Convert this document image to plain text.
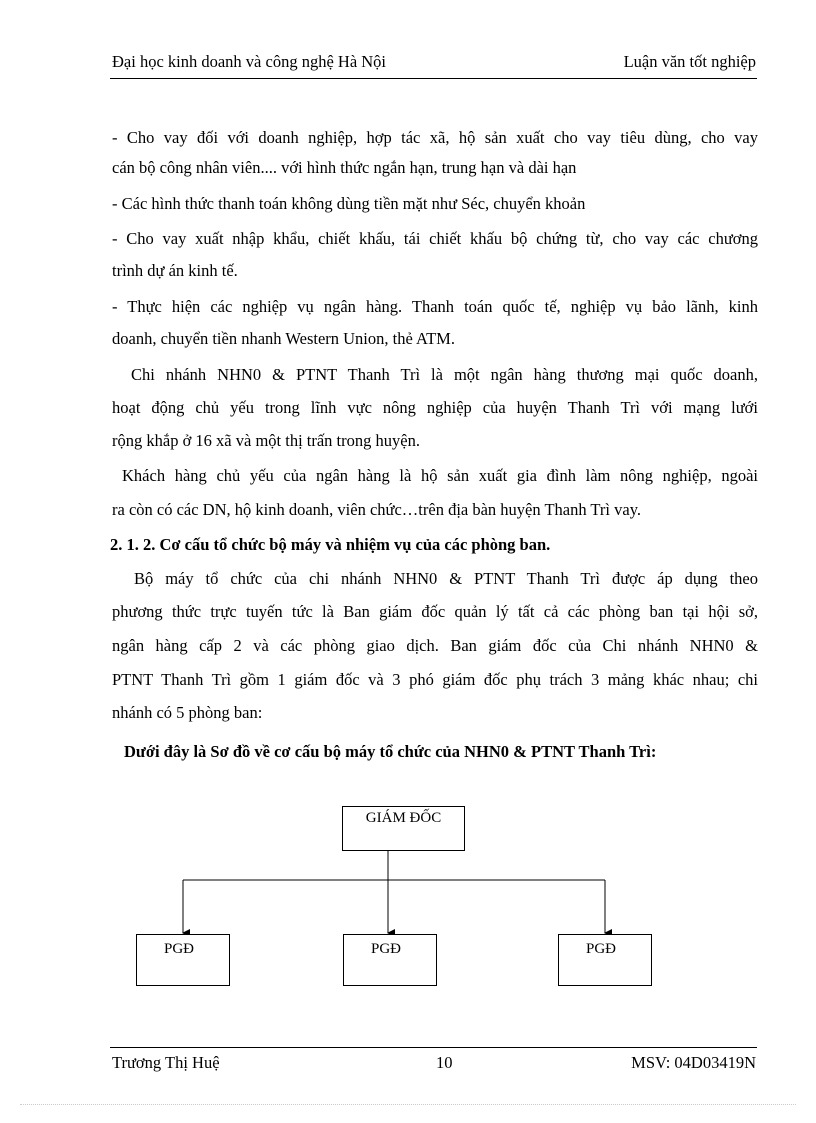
Đại học kinh doanh và công nghệ Hà Nội	Luận văn tốt nghiệp
- Cho vay đối với doanh nghiệp, hợp tác xã, hộ sản xuất cho vay tiêu dùng, cho vay
cán bộ công nhân viên.... với hình thức ngắn hạn, trung hạn và dài hạn
- Các hình thức thanh toán không dùng tiền mặt như Séc, chuyển khoản
- Cho vay xuất nhập khẩu, chiết khấu, tái chiết khấu bộ chứng từ, cho vay các chương
trình dự án kinh tế.
- Thực hiện các nghiệp vụ ngân hàng. Thanh toán quốc tế, nghiệp vụ bảo lãnh, kinh
doanh, chuyển tiền nhanh Western Union, thẻ ATM.
Chi nhánh NHN0 & PTNT Thanh Trì là một ngân hàng thương mại quốc doanh,
hoạt động chủ yếu trong lĩnh vực nông nghiệp của huyện Thanh Trì với mạng lưới
rộng khắp ở 16 xã và một thị trấn trong huyện.
Khách hàng chủ yếu của ngân hàng là hộ sản xuất gia đình làm nông nghiệp, ngoài
ra còn có các DN, hộ kinh doanh, viên chức…trên địa bàn huyện Thanh Trì vay.
2. 1. 2. Cơ cấu tổ chức bộ máy và nhiệm vụ của các phòng ban.
Bộ máy tổ chức của chi nhánh NHN0 & PTNT Thanh Trì được áp dụng theo
phương thức trực tuyến tức là Ban giám đốc quản lý tất cả các phòng ban tại hội sở,
ngân hàng cấp 2 và các phòng giao dịch. Ban giám đốc của Chi nhánh NHN0 &
PTNT Thanh Trì gồm 1 giám đốc và 3 phó giám đốc phụ trách 3 mảng khác nhau; chi
nhánh có 5 phòng ban:
Dưới đây là Sơ đồ về cơ cấu bộ máy tổ chức của NHN0 & PTNT Thanh Trì:
GIÁM ĐỐC
PGĐ	PGĐ	PGĐ
Trương Thị Huệ	10	MSV: 04D03419N
